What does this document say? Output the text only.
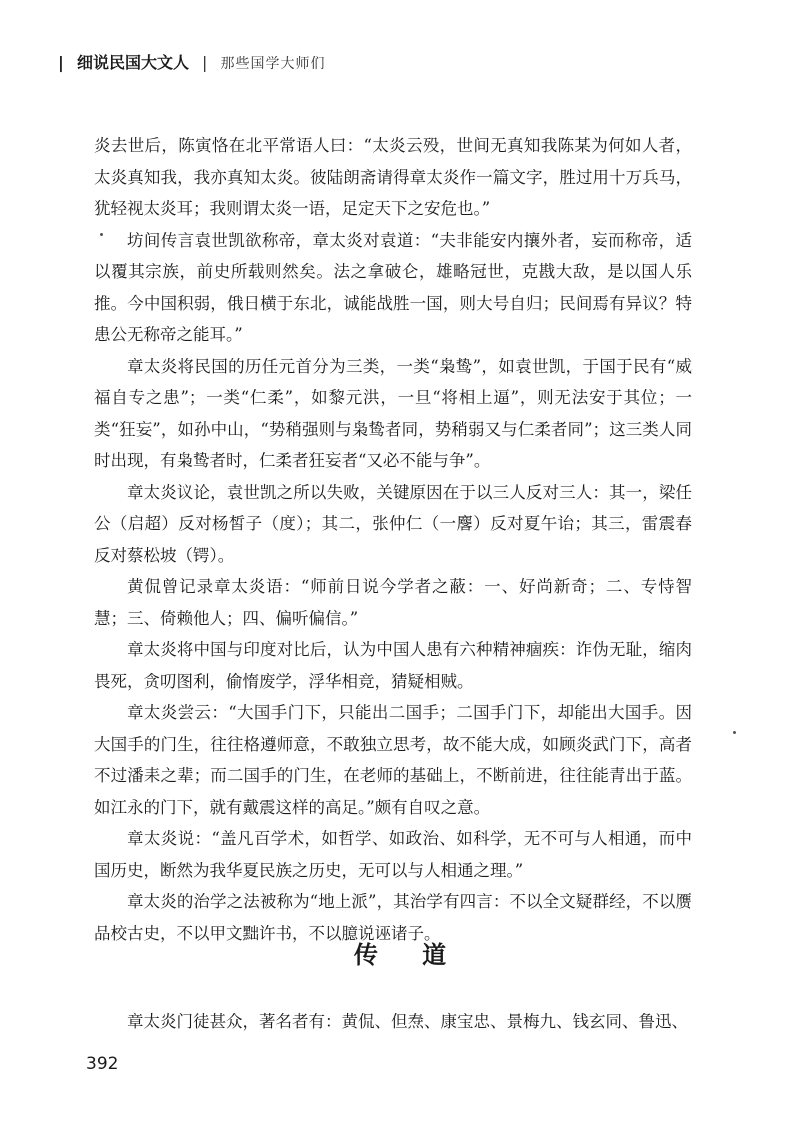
| 细说民国大文人 | 那些国学大师们

炎去世后，陈寅恪在北平常语人曰：“太炎云殁，世间无真知我陈某为何如人者，太炎真知我，我亦真知太炎。彼陆朗斋请得章太炎作一篇文字，胜过用十万兵马，犹轻视太炎耳；我则谓太炎一语，足定天下之安危也。”

坊间传言袁世凯欲称帝，章太炎对袁道：“夫非能安内攘外者，妄而称帝，适以覆其宗族，前史所载则然矣。法之拿破仑，雄略冠世，克戡大敌，是以国人乐推。今中国积弱，俄日横于东北，诚能战胜一国，则大号自归；民间焉有异议？特患公无称帝之能耳。”

章太炎将民国的历任元首分为三类，一类“枭鸷”，如袁世凯，于国于民有“威福自专之患”；一类“仁柔”，如黎元洪，一旦“将相上逼”，则无法安于其位；一类“狂妄”，如孙中山，“势稍强则与枭鸷者同，势稍弱又与仁柔者同”；这三类人同时出现，有枭鸷者时，仁柔者狂妄者“又必不能与争”。

章太炎议论，袁世凯之所以失败，关键原因在于以三人反对三人：其一，梁任公（启超）反对杨皙子（度）；其二，张仲仁（一麐）反对夏午诒；其三，雷震春反对蔡松坡（锷）。

黄侃曾记录章太炎语：“师前日说今学者之蔽：一、好尚新奇；二、专恃智慧；三、倚赖他人；四、偏听偏信。”

章太炎将中国与印度对比后，认为中国人患有六种精神痼疾：诈伪无耻，缩肉畏死，贪叨图利，偷惰废学，浮华相竞，猜疑相贼。

章太炎尝云：“大国手门下，只能出二国手；二国手门下，却能出大国手。因大国手的门生，往往格遵师意，不敢独立思考，故不能大成，如顾炎武门下，高者不过潘耒之辈；而二国手的门生，在老师的基础上，不断前进，往往能青出于蓝。如江永的门下，就有戴震这样的高足。”颇有自叹之意。

章太炎说：“盖凡百学术，如哲学、如政治、如科学，无不可与人相通，而中国历史，断然为我华夏民族之历史，无可以与人相通之理。”

章太炎的治学之法被称为“地上派”，其治学有四言：不以全文疑群经，不以赝品校古史，不以甲文黜许书，不以臆说诬诸子。

传 道

章太炎门徒甚众，著名者有：黄侃、但焘、康宝忠、景梅九、钱玄同、鲁迅、

392
